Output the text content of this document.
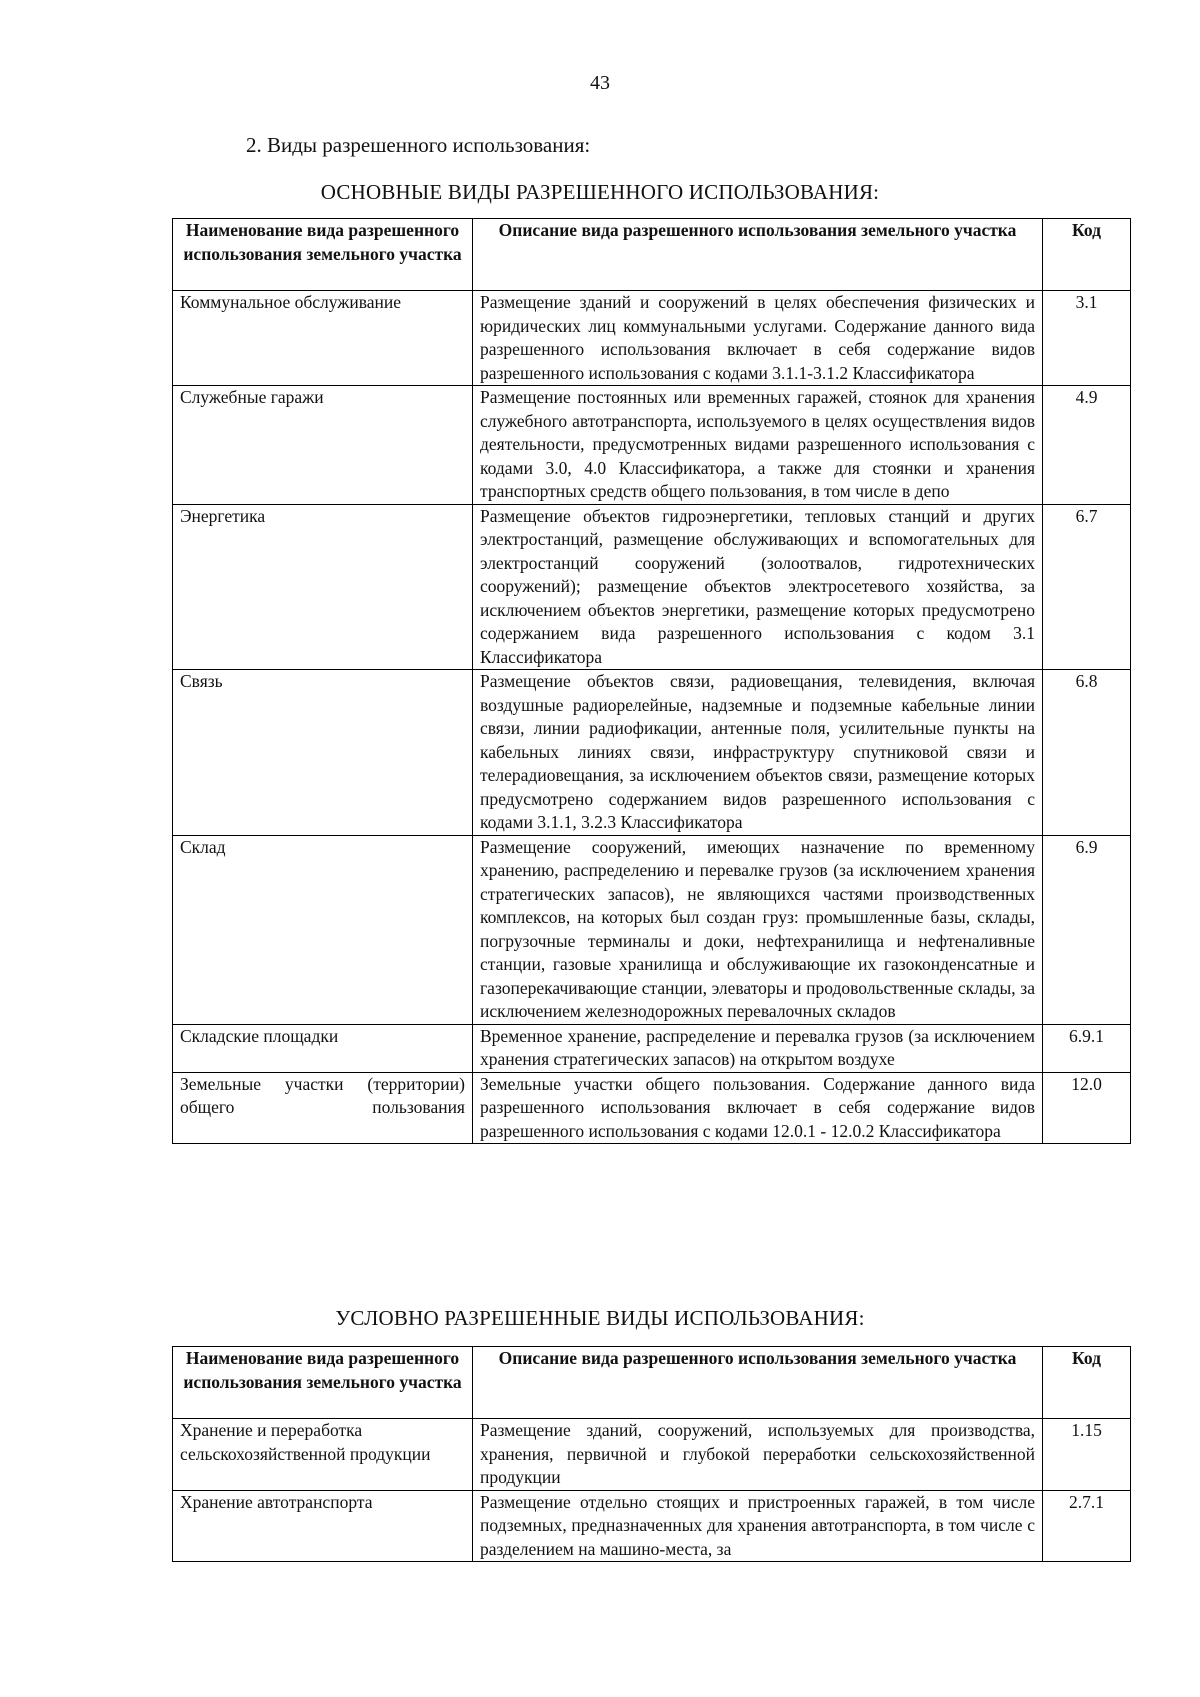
43
2. Виды разрешенного использования:
ОСНОВНЫЕ ВИДЫ РАЗРЕШЕННОГО ИСПОЛЬЗОВАНИЯ:
Наименование вида разрешенного использования земельного участка	Описание вида разрешенного использования земельного участка	Код
Коммунальное обслуживание	Размещение зданий и сооружений в целях обеспечения физических и юридических лиц коммунальными услугами. Содержание данного вида разрешенного использования включает в себя содержание видов разрешенного использования с кодами 3.1.1-3.1.2 Классификатора	3.1
Служебные гаражи	Размещение постоянных или временных гаражей, стоянок для хранения служебного автотранспорта, используемого в целях осуществления видов деятельности, предусмотренных видами разрешенного использования с кодами 3.0, 4.0 Классификатора, а также для стоянки и хранения транспортных средств общего пользования, в том числе в депо	4.9
Энергетика	Размещение объектов гидроэнергетики, тепловых станций и других электростанций, размещение обслуживающих и вспомогательных для электростанций сооружений (золоотвалов, гидротехнических сооружений); размещение объектов электросетевого хозяйства, за исключением объектов энергетики, размещение которых предусмотрено содержанием вида разрешенного использования с кодом 3.1 Классификатора	6.7
Связь	Размещение объектов связи, радиовещания, телевидения, включая воздушные радиорелейные, надземные и подземные кабельные линии связи, линии радиофикации, антенные поля, усилительные пункты на кабельных линиях связи, инфраструктуру спутниковой связи и телерадиовещания, за исключением объектов связи, размещение которых предусмотрено содержанием видов разрешенного использования с кодами 3.1.1, 3.2.3 Классификатора	6.8
Склад	Размещение сооружений, имеющих назначение по временному хранению, распределению и перевалке грузов (за исключением хранения стратегических запасов), не являющихся частями производственных комплексов, на которых был создан груз: промышленные базы, склады, погрузочные терминалы и доки, нефтехранилища и нефтеналивные станции, газовые хранилища и обслуживающие их газоконденсатные и газоперекачивающие станции, элеваторы и продовольственные склады, за исключением железнодорожных перевалочных складов	6.9
Складские площадки	Временное хранение, распределение и перевалка грузов (за исключением хранения стратегических запасов) на открытом воздухе	6.9.1
Земельные участки (территории) общего пользования	Земельные участки общего пользования. Содержание данного вида разрешенного использования включает в себя содержание видов разрешенного использования с кодами 12.0.1 - 12.0.2 Классификатора	12.0
УСЛОВНО РАЗРЕШЕННЫЕ ВИДЫ ИСПОЛЬЗОВАНИЯ:
Наименование вида разрешенного использования земельного участка	Описание вида разрешенного использования земельного участка	Код
Хранение и переработка сельскохозяйственной продукции	Размещение зданий, сооружений, используемых для производства, хранения, первичной и глубокой переработки сельскохозяйственной продукции	1.15
Хранение автотранспорта	Размещение отдельно стоящих и пристроенных гаражей, в том числе подземных, предназначенных для хранения автотранспорта, в том числе с разделением на машино-места, за	2.7.1
